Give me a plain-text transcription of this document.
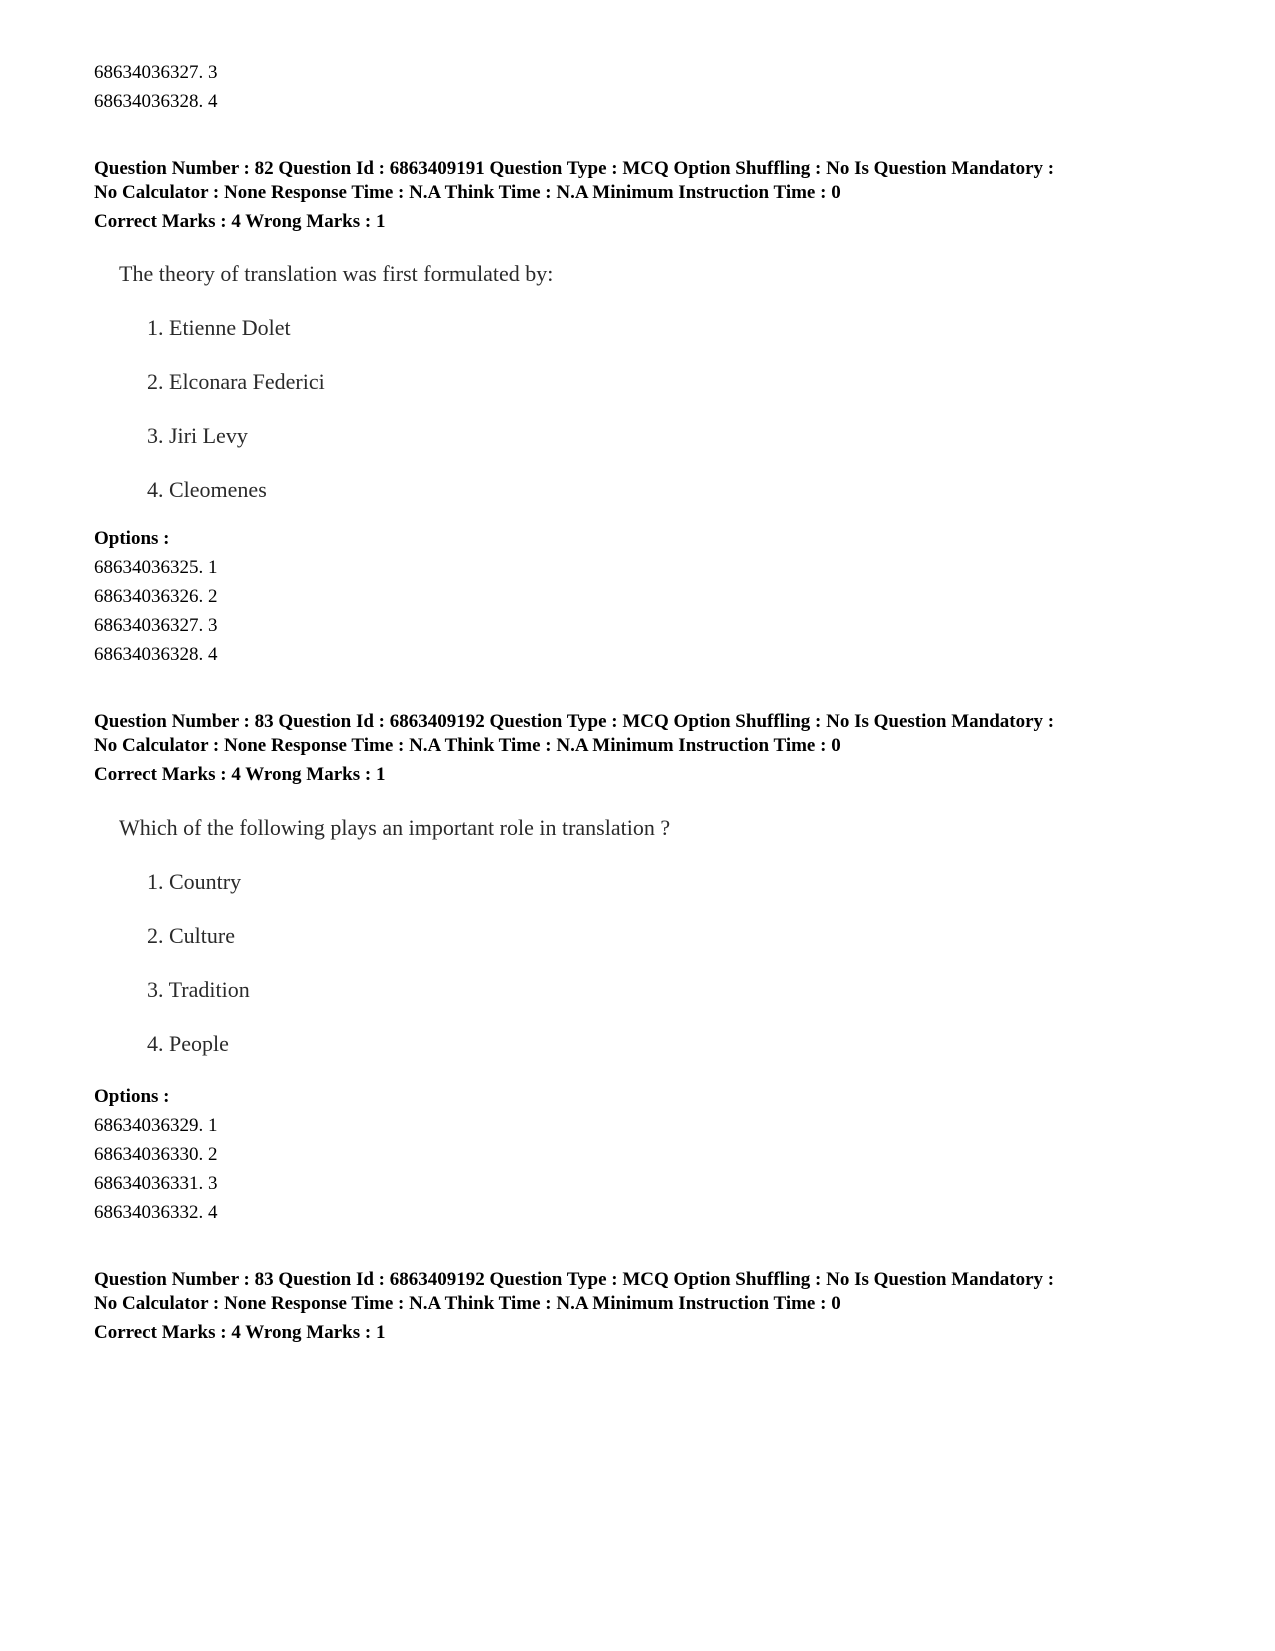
68634036327. 3
68634036328. 4
Question Number : 82 Question Id : 6863409191 Question Type : MCQ Option Shuffling : No Is Question Mandatory :
No Calculator : None Response Time : N.A Think Time : N.A Minimum Instruction Time : 0
Correct Marks : 4 Wrong Marks : 1
The theory of translation was first formulated by:
1. Etienne Dolet
2. Elconara Federici
3. Jiri Levy
4. Cleomenes
Options :
68634036325. 1
68634036326. 2
68634036327. 3
68634036328. 4
Question Number : 83 Question Id : 6863409192 Question Type : MCQ Option Shuffling : No Is Question Mandatory :
No Calculator : None Response Time : N.A Think Time : N.A Minimum Instruction Time : 0
Correct Marks : 4 Wrong Marks : 1
Which of the following plays an important role in translation ?
1. Country
2. Culture
3. Tradition
4. People
Options :
68634036329. 1
68634036330. 2
68634036331. 3
68634036332. 4
Question Number : 83 Question Id : 6863409192 Question Type : MCQ Option Shuffling : No Is Question Mandatory :
No Calculator : None Response Time : N.A Think Time : N.A Minimum Instruction Time : 0
Correct Marks : 4 Wrong Marks : 1
